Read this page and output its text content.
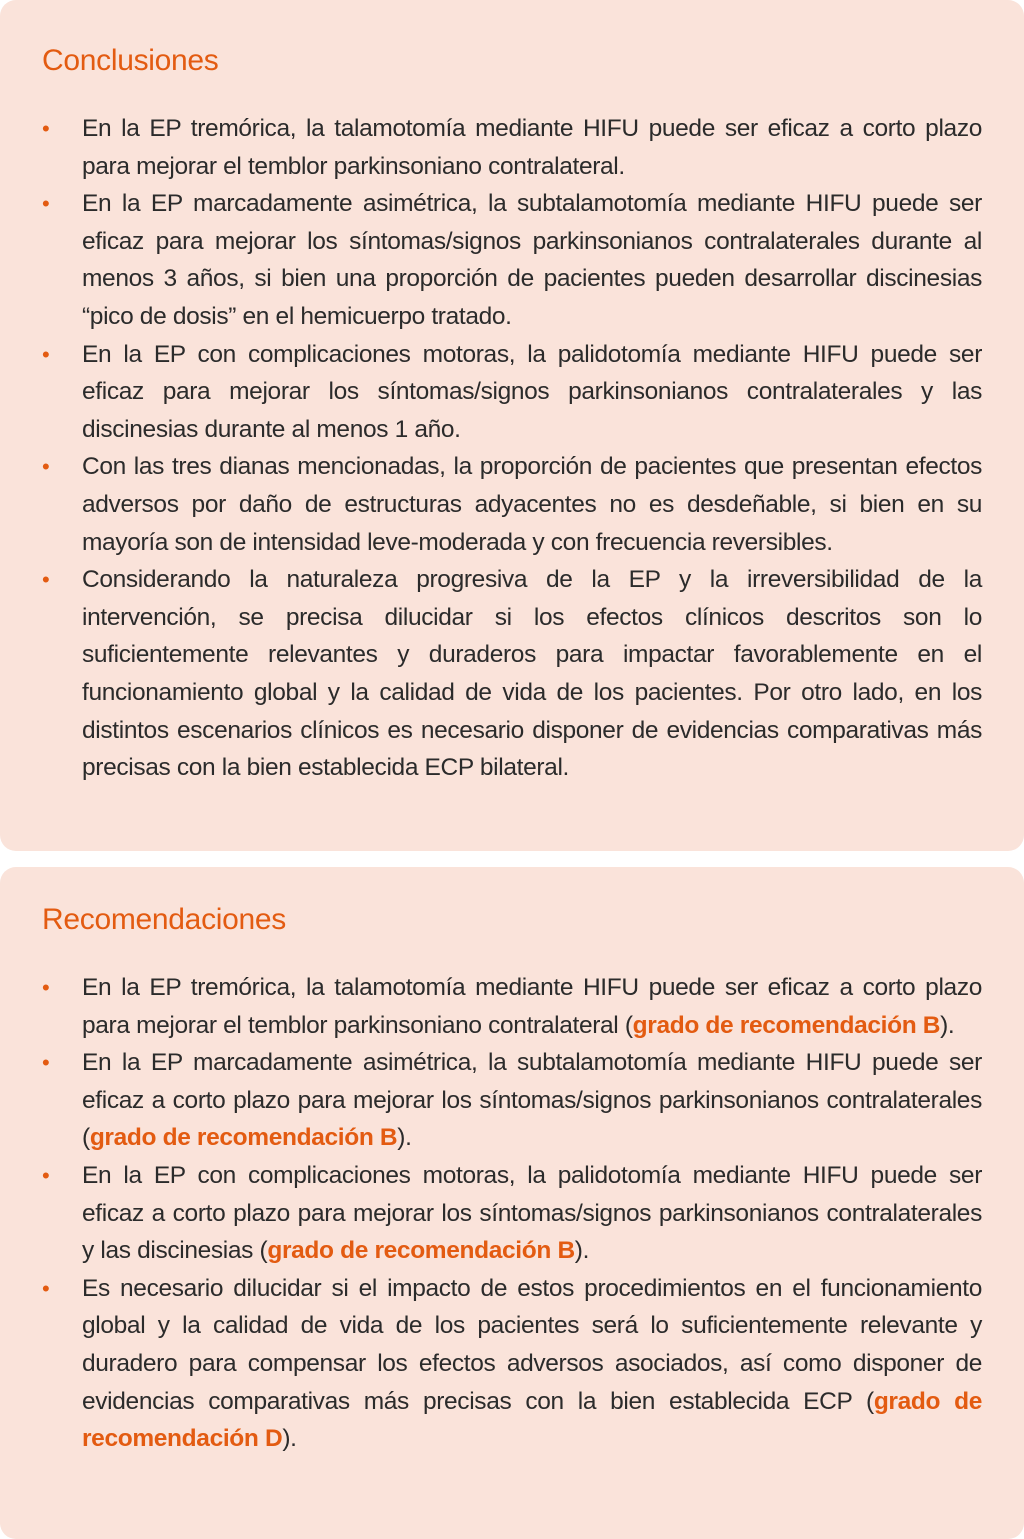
Conclusiones
• En la EP tremórica, la talamotomía mediante HIFU puede ser eficaz a corto plazo para mejorar el temblor parkinsoniano contralateral.
• En la EP marcadamente asimétrica, la subtalamotomía mediante HIFU puede ser eficaz para mejorar los síntomas/signos parkinsonianos contralaterales durante al menos 3 años, si bien una proporción de pacientes pueden desarrollar discinesias “pico de dosis” en el hemicuerpo tratado.
• En la EP con complicaciones motoras, la palidotomía mediante HIFU puede ser eficaz para mejorar los síntomas/signos parkinsonianos contralaterales y las discinesias durante al menos 1 año.
• Con las tres dianas mencionadas, la proporción de pacientes que presentan efectos adversos por daño de estructuras adyacentes no es desdeñable, si bien en su mayoría son de intensidad leve-moderada y con frecuencia reversibles.
• Considerando la naturaleza progresiva de la EP y la irreversibilidad de la intervención, se precisa dilucidar si los efectos clínicos descritos son lo suficientemente relevantes y duraderos para impactar favorablemente en el funcionamiento global y la calidad de vida de los pacientes. Por otro lado, en los distintos escenarios clínicos es necesario disponer de evidencias comparativas más precisas con la bien establecida ECP bilateral.
Recomendaciones
• En la EP tremórica, la talamotomía mediante HIFU puede ser eficaz a corto plazo para mejorar el temblor parkinsoniano contralateral (grado de recomendación B).
• En la EP marcadamente asimétrica, la subtalamotomía mediante HIFU puede ser eficaz a corto plazo para mejorar los síntomas/signos parkinsonianos contralaterales (grado de recomendación B).
• En la EP con complicaciones motoras, la palidotomía mediante HIFU puede ser eficaz a corto plazo para mejorar los síntomas/signos parkinsonianos contralaterales y las discinesias (grado de recomendación B).
• Es necesario dilucidar si el impacto de estos procedimientos en el funcionamiento global y la calidad de vida de los pacientes será lo suficientemente relevante y duradero para compensar los efectos adversos asociados, así como disponer de evidencias comparativas más precisas con la bien establecida ECP (grado de recomendación D).
